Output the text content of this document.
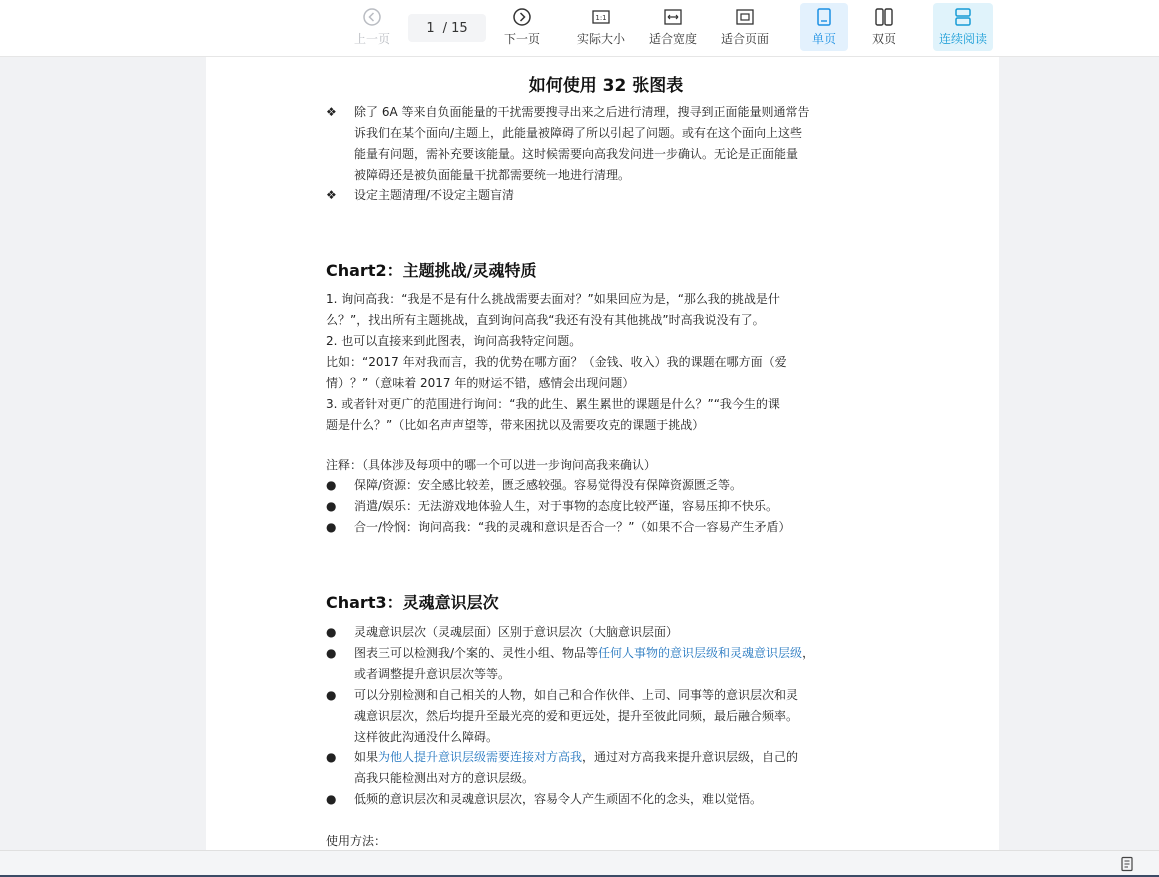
上一页
1 / 15
下一页
1:1
实际大小 适合宽度 适合页面	单页	双页	连续阅读
如何使用 32 张图表
❖	除了 6A 等来自负面能量的干扰需要搜寻出来之后进行清理，搜寻到正面能量则通常告
诉我们在某个面向/主题上，此能量被障碍了所以引起了问题。或有在这个面向上这些
能量有问题，需补充要该能量。这时候需要向高我发问进一步确认。无论是正面能量
被障碍还是被负面能量干扰都需要统一地进行清理。
❖	设定主题清理/不设定主题盲清
Chart2：主题挑战/灵魂特质
1. 询问高我：“我是不是有什么挑战需要去面对？”如果回应为是，“那么我的挑战是什
么？”，找出所有主题挑战，直到询问高我“我还有没有其他挑战”时高我说没有了。
2. 也可以直接来到此图表，询问高我特定问题。
比如：“2017 年对我而言，我的优势在哪方面？（金钱、收入）我的课题在哪方面（爱
情）？”（意味着 2017 年的财运不错，感情会出现问题）
3. 或者针对更广的范围进行询问：“我的此生、累生累世的课题是什么？”“我今生的课
题是什么？”（比如名声声望等，带来困扰以及需要攻克的课题于挑战）
注释：（具体涉及每项中的哪一个可以进一步询问高我来确认）
●	保障/资源：安全感比较差，匮乏感较强。容易觉得没有保障资源匮乏等。
●	消遣/娱乐：无法游戏地体验人生，对于事物的态度比较严谨，容易压抑不快乐。
●	合一/怜悯：询问高我：“我的灵魂和意识是否合一？”（如果不合一容易产生矛盾）
Chart3：灵魂意识层次
●	灵魂意识层次（灵魂层面）区别于意识层次（大脑意识层面）
●	图表三可以检测我/个案的、灵性小组、物品等任何人事物的意识层级和灵魂意识层级，
或者调整提升意识层次等等。
●	可以分别检测和自己相关的人物，如自己和合作伙伴、上司、同事等的意识层次和灵
魂意识层次，然后均提升至最光亮的爱和更远处，提升至彼此同频，最后融合频率。
这样彼此沟通没什么障碍。
●	如果为他人提升意识层级需要连接对方高我，通过对方高我来提升意识层级，自己的
高我只能检测出对方的意识层级。
●	低频的意识层次和灵魂意识层次，容易令人产生顽固不化的念头，难以觉悟。
使用方法：
